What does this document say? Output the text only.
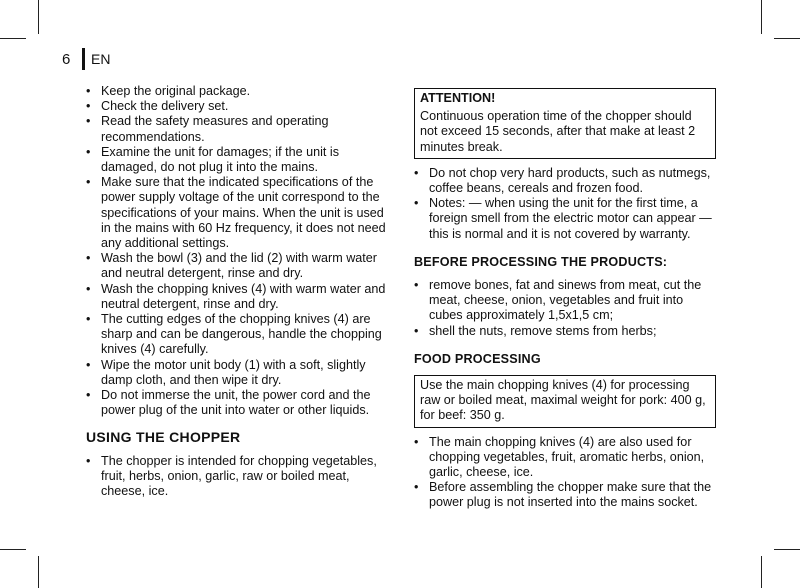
6	EN
• Keep the original package.
• Check the delivery set.
• Read the safety measures and operating recommendations.
• Examine the unit for damages; if the unit is damaged, do not plug it into the mains.
• Make sure that the indicated specifications of the power supply voltage of the unit correspond to the specifications of your mains. When the unit is used in the mains with 60 Hz frequency, it does not need any additional settings.
• Wash the bowl (3) and the lid (2) with warm water and neutral detergent, rinse and dry.
• Wash the chopping knives (4) with warm water and neutral detergent, rinse and dry.
• The cutting edges of the chopping knives (4) are sharp and can be dangerous, handle the chopping knives (4) carefully.
• Wipe the motor unit body (1) with a soft, slightly damp cloth, and then wipe it dry.
• Do not immerse the unit, the power cord and the power plug of the unit into water or other liquids.
USING THE CHOPPER
• The chopper is intended for chopping vegetables, fruit, herbs, onion, garlic, raw or boiled meat, cheese, ice.
ATTENTION!
Continuous operation time of the chopper should not exceed 15 seconds, after that make at least 2 minutes break.
• Do not chop very hard products, such as nutmegs, coffee beans, cereals and frozen food.
• Notes: — when using the unit for the first time, a foreign smell from the electric motor can appear — this is normal and it is not covered by warranty.
BEFORE PROCESSING THE PRODUCTS:
• remove bones, fat and sinews from meat, cut the meat, cheese, onion, vegetables and fruit into cubes approximately 1,5x1,5 cm;
• shell the nuts, remove stems from herbs;
FOOD PROCESSING
Use the main chopping knives (4) for processing raw or boiled meat, maximal weight for pork: 400 g, for beef: 350 g.
• The main chopping knives (4) are also used for chopping vegetables, fruit, aromatic herbs, onion, garlic, cheese, ice.
• Before assembling the chopper make sure that the power plug is not inserted into the mains socket.
